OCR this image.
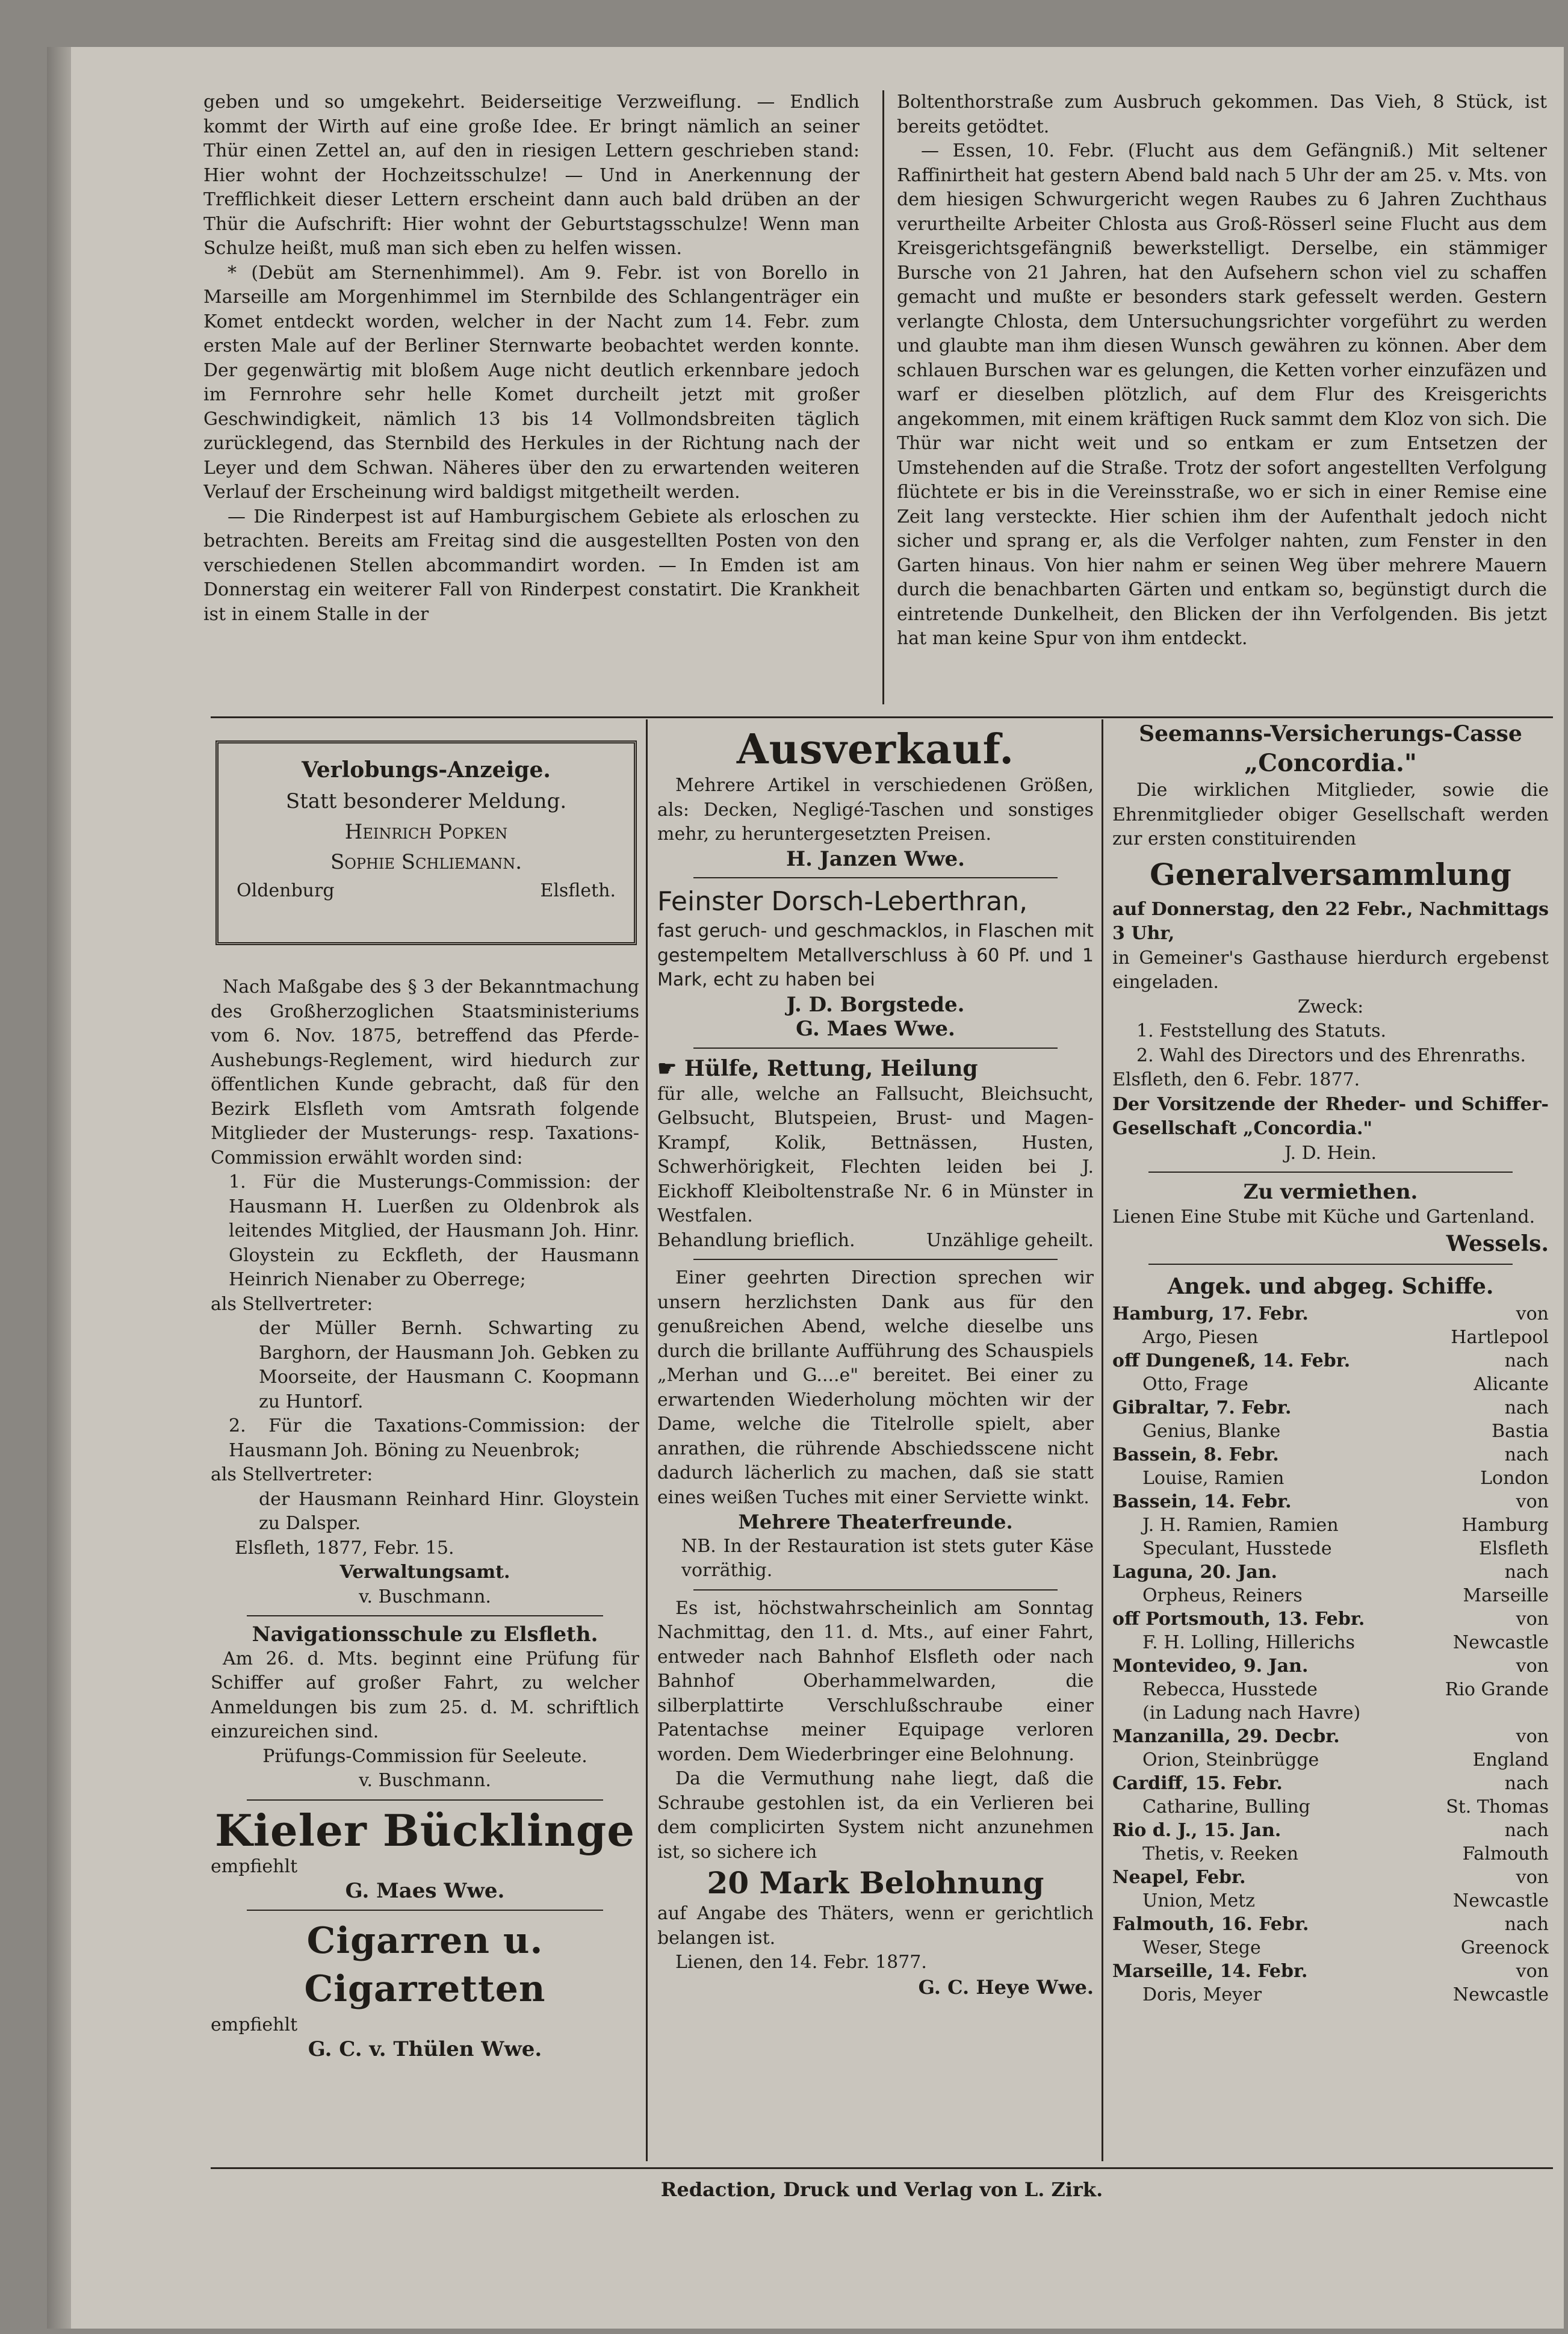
geben und so umgekehrt. Beiderseitige Verzweiflung. — Endlich kommt der Wirth auf eine große Idee. Er bringt nämlich an seiner Thür einen Zettel an, auf den in riesigen Lettern geschrieben stand: Hier wohnt der Hochzeitsschulze! — Und in Anerkennung der Trefflichkeit dieser Lettern erscheint dann auch bald drüben an der Thür die Aufschrift: Hier wohnt der Geburtstagsschulze! Wenn man Schulze heißt, muß man sich eben zu helfen wissen.

* (Debüt am Sternenhimmel). Am 9. Febr. ist von Borello in Marseille am Morgenhimmel im Sternbilde des Schlangenträger ein Komet entdeckt worden, welcher in der Nacht zum 14. Febr. zum ersten Male auf der Berliner Sternwarte beobachtet werden konnte. Der gegenwärtig mit bloßem Auge nicht deutlich erkennbare jedoch im Fernrohre sehr helle Komet durcheilt jetzt mit großer Geschwindigkeit, nämlich 13 bis 14 Vollmondsbreiten täglich zurücklegend, das Sternbild des Herkules in der Richtung nach der Leyer und dem Schwan. Näheres über den zu erwartenden weiteren Verlauf der Erscheinung wird baldigst mitgetheilt werden.

— Die Rinderpest ist auf Hamburgischem Gebiete als erloschen zu betrachten. Bereits am Freitag sind die ausgestellten Posten von den verschiedenen Stellen abcommandirt worden. — In Emden ist am Donnerstag ein weiterer Fall von Rinderpest constatirt. Die Krankheit ist in einem Stalle in der

Boltenthorstraße zum Ausbruch gekommen. Das Vieh, 8 Stück, ist bereits getödtet.

— Essen, 10. Febr. (Flucht aus dem Gefängniß.) Mit seltener Raffinirtheit hat gestern Abend bald nach 5 Uhr der am 25. v. Mts. von dem hiesigen Schwurgericht wegen Raubes zu 6 Jahren Zuchthaus verurtheilte Arbeiter Chlosta aus Groß-Rösserl seine Flucht aus dem Kreisgerichtsgefängniß bewerkstelligt. Derselbe, ein stämmiger Bursche von 21 Jahren, hat den Aufsehern schon viel zu schaffen gemacht und mußte er besonders stark gefesselt werden. Gestern verlangte Chlosta, dem Untersuchungsrichter vorgeführt zu werden und glaubte man ihm diesen Wunsch gewähren zu können. Aber dem schlauen Burschen war es gelungen, die Ketten vorher einzufäzen und warf er dieselben plötzlich, auf dem Flur des Kreisgerichts angekommen, mit einem kräftigen Ruck sammt dem Kloz von sich. Die Thür war nicht weit und so entkam er zum Entsetzen der Umstehenden auf die Straße. Trotz der sofort angestellten Verfolgung flüchtete er bis in die Vereinsstraße, wo er sich in einer Remise eine Zeit lang versteckte. Hier schien ihm der Aufenthalt jedoch nicht sicher und sprang er, als die Verfolger nahten, zum Fenster in den Garten hinaus. Von hier nahm er seinen Weg über mehrere Mauern durch die benachbarten Gärten und entkam so, begünstigt durch die eintretende Dunkelheit, den Blicken der ihn Verfolgenden. Bis jetzt hat man keine Spur von ihm entdeckt.

Verlobungs-Anzeige.
Statt besonderer Meldung.
Heinrich Popken
Sophie Schliemann.
Oldenburg	Elsfleth.

Nach Maßgabe des § 3 der Bekanntmachung des Großherzoglichen Staatsministeriums vom 6. Nov. 1875, betreffend das Pferde-Aushebungs-Reglement, wird hiedurch zur öffentlichen Kunde gebracht, daß für den Bezirk Elsfleth vom Amtsrath folgende Mitglieder der Musterungs- resp. Taxations-Commission erwählt worden sind:

1. Für die Musterungs-Commission: der Hausmann H. Luerßen zu Oldenbrok als leitendes Mitglied, der Hausmann Joh. Hinr. Gloystein zu Eckfleth, der Hausmann Heinrich Nienaber zu Oberrege;

als Stellvertreter:

der Müller Bernh. Schwarting zu Barghorn, der Hausmann Joh. Gebken zu Moorseite, der Hausmann C. Koopmann zu Huntorf.

2. Für die Taxations-Commission: der Hausmann Joh. Böning zu Neuenbrok;

als Stellvertreter:

der Hausmann Reinhard Hinr. Gloystein zu Dalsper.

Elsfleth, 1877, Febr. 15.

Verwaltungsamt.

v. Buschmann.

Navigationsschule zu Elsfleth.

Am 26. d. Mts. beginnt eine Prüfung für Schiffer auf großer Fahrt, zu welcher Anmeldungen bis zum 25. d. M. schriftlich einzureichen sind.

Prüfungs-Commission für Seeleute.

v. Buschmann.

Kieler Bücklinge
empfiehlt
G. Maes Wwe.
Cigarren u. Cigarretten
empfiehlt
G. C. v. Thülen Wwe.
Ausverkauf.

Mehrere Artikel in verschiedenen Größen, als: Decken, Negligé-Taschen und sonstiges mehr, zu heruntergesetzten Preisen.

H. Janzen Wwe.
Feinster Dorsch-Leberthran,

fast geruch- und geschmacklos, in Flaschen mit gestempeltem Metallverschluss à 60 Pf. und 1 Mark, echt zu haben bei

J. D. Borgstede.
G. Maes Wwe.
☛ Hülfe, Rettung, Heilung

für alle, welche an Fallsucht, Bleichsucht, Gelbsucht, Blutspeien, Brust- und Magen-Krampf, Kolik, Bettnässen, Husten, Schwerhörigkeit, Flechten leiden bei J. Eickhoff Kleiboltenstraße Nr. 6 in Münster in Westfalen.

Behandlung brieflich.	Unzählige geheilt.

Einer geehrten Direction sprechen wir unsern herzlichsten Dank aus für den genußreichen Abend, welche dieselbe uns durch die brillante Aufführung des Schauspiels „Merhan und G....e" bereitet. Bei einer zu erwartenden Wiederholung möchten wir der Dame, welche die Titelrolle spielt, aber anrathen, die rührende Abschiedsscene nicht dadurch lächerlich zu machen, daß sie statt eines weißen Tuches mit einer Serviette winkt.

Mehrere Theaterfreunde.

NB. In der Restauration ist stets guter Käse vorräthig.

Es ist, höchstwahrscheinlich am Sonntag Nachmittag, den 11. d. Mts., auf einer Fahrt, entweder nach Bahnhof Elsfleth oder nach Bahnhof Oberhammelwarden, die silberplattirte Verschlußschraube einer Patentachse meiner Equipage verloren worden. Dem Wiederbringer eine Belohnung.

Da die Vermuthung nahe liegt, daß die Schraube gestohlen ist, da ein Verlieren bei dem complicirten System nicht anzunehmen ist, so sichere ich

20 Mark Belohnung

auf Angabe des Thäters, wenn er gerichtlich belangen ist.

Lienen, den 14. Febr. 1877.

G. C. Heye Wwe.
Seemanns-Versicherungs-Casse
„Concordia."

Die wirklichen Mitglieder, sowie die Ehrenmitglieder obiger Gesellschaft werden zur ersten constituirenden

Generalversammlung

auf Donnerstag, den 22 Febr., Nachmittags 3 Uhr,

in Gemeiner's Gasthause hierdurch ergebenst eingeladen.

Zweck:

1. Feststellung des Statuts.

2. Wahl des Directors und des Ehrenraths.

Elsfleth, den 6. Febr. 1877.

Der Vorsitzende der Rheder- und Schiffer-Gesellschaft „Concordia."

J. D. Hein.

Zu vermiethen.

Lienen Eine Stube mit Küche und Gartenland.

Wessels.
Angek. und abgeg. Schiffe.
Hamburg, 17. Febr.	von
Argo, Piesen	Hartlepool
off Dungeneß, 14. Febr.	nach
Otto, Frage	Alicante
Gibraltar, 7. Febr.	nach
Genius, Blanke	Bastia
Bassein, 8. Febr.	nach
Louise, Ramien	London
Bassein, 14. Febr.	von
J. H. Ramien, Ramien	Hamburg
Speculant, Husstede	Elsfleth
Laguna, 20. Jan.	nach
Orpheus, Reiners	Marseille
off Portsmouth, 13. Febr.	von
F. H. Lolling, Hillerichs	Newcastle
Montevideo, 9. Jan.	von
Rebecca, Husstede	Rio Grande
(in Ladung nach Havre)
Manzanilla, 29. Decbr.	von
Orion, Steinbrügge	England
Cardiff, 15. Febr.	nach
Catharine, Bulling	St. Thomas
Rio d. J., 15. Jan.	nach
Thetis, v. Reeken	Falmouth
Neapel, Febr.	von
Union, Metz	Newcastle
Falmouth, 16. Febr.	nach
Weser, Stege	Greenock
Marseille, 14. Febr.	von
Doris, Meyer	Newcastle
Redaction, Druck und Verlag von L. Zirk.
